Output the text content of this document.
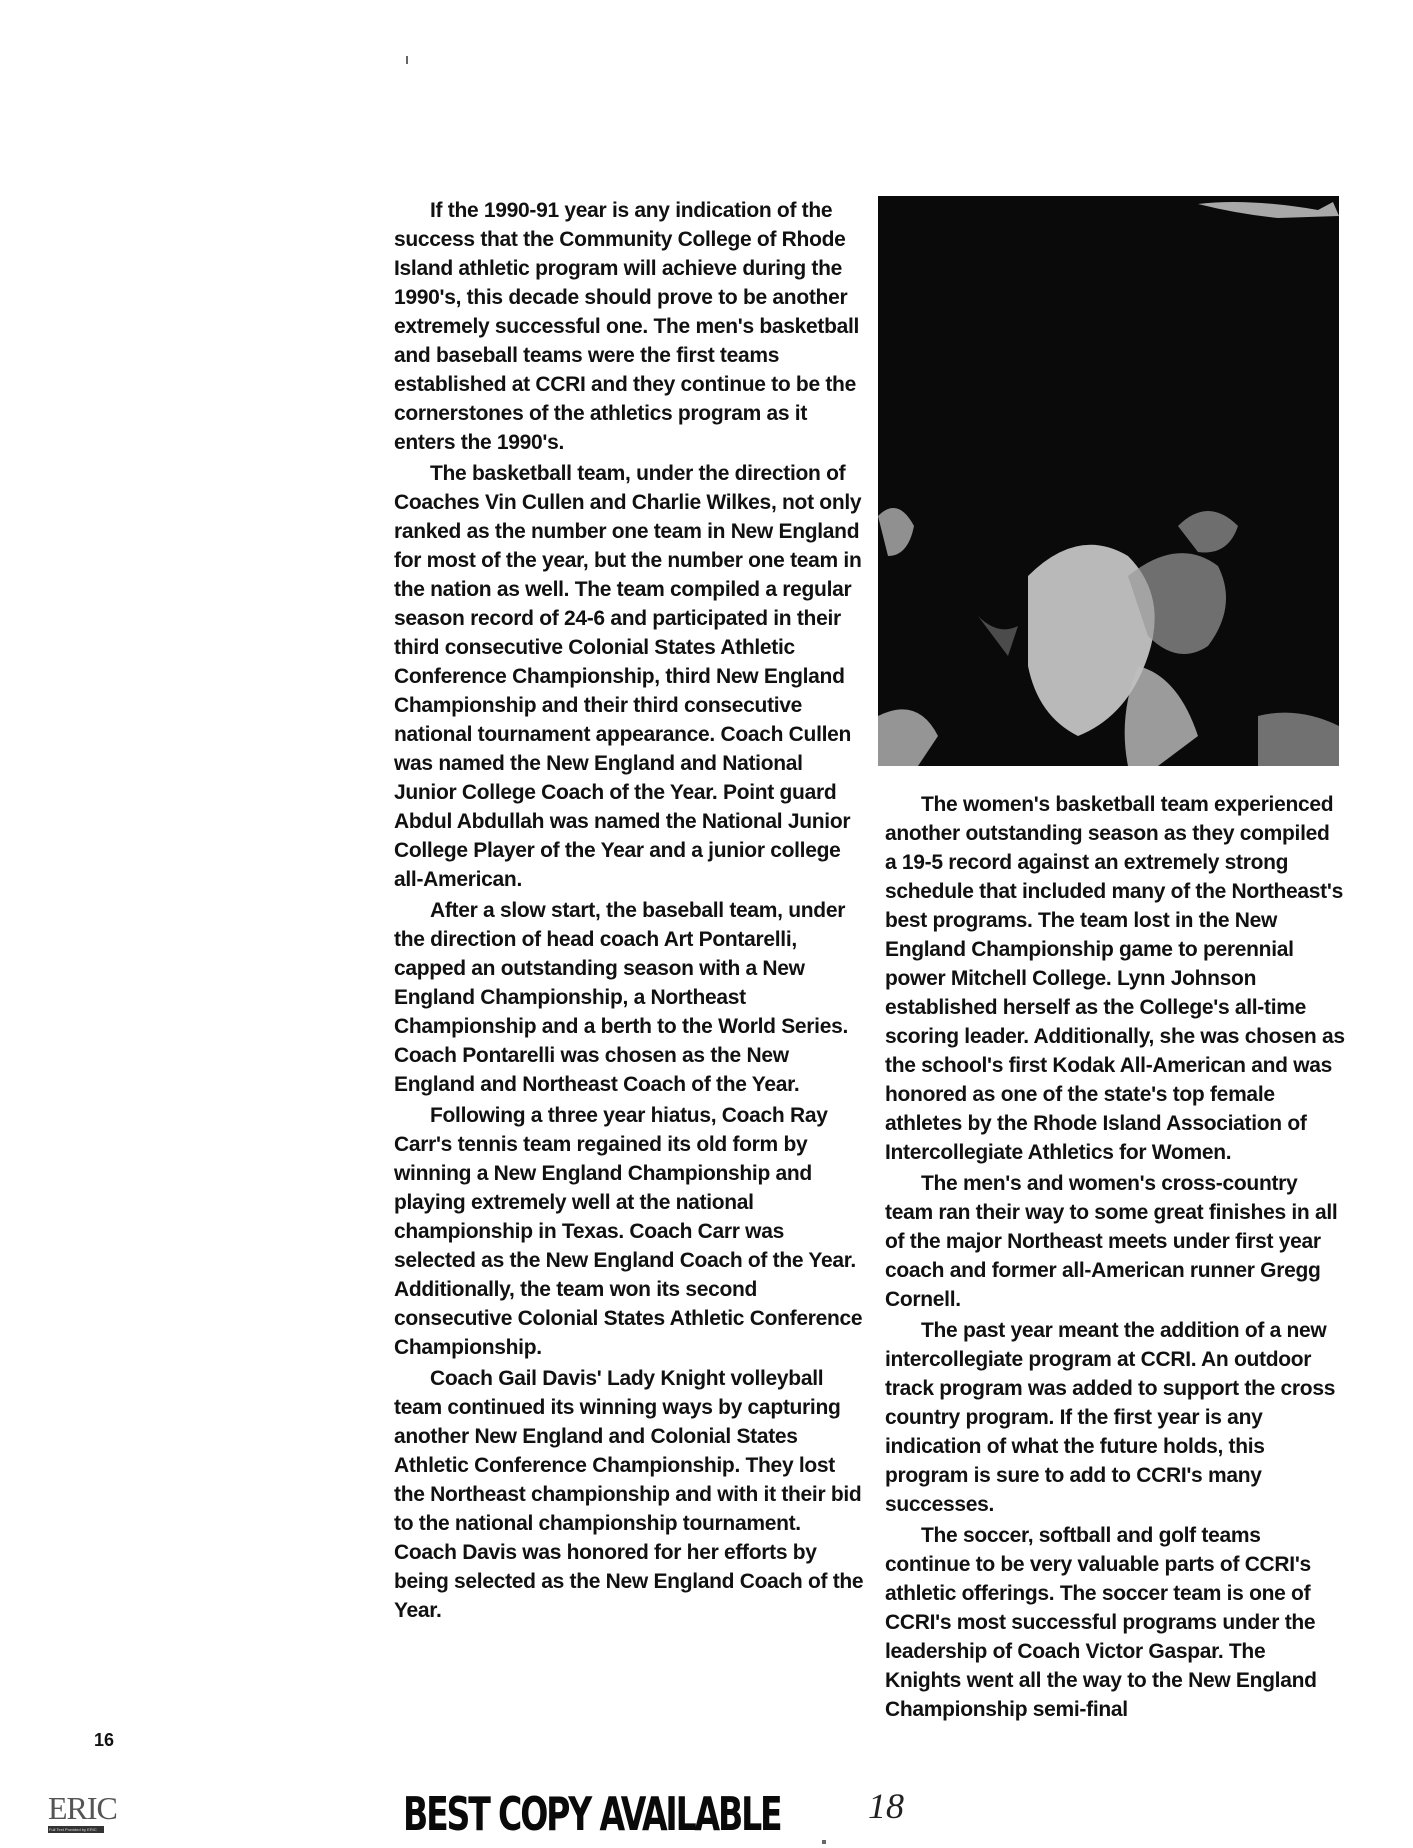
If the 1990-91 year is any indication of the success that the Community College of Rhode Island athletic program will achieve during the 1990's, this decade should prove to be another extremely successful one. The men's basketball and baseball teams were the first teams established at CCRI and they continue to be the cornerstones of the athletics program as it enters the 1990's.

The basketball team, under the direction of Coaches Vin Cullen and Charlie Wilkes, not only ranked as the number one team in New England for most of the year, but the number one team in the nation as well. The team compiled a regular season record of 24-6 and participated in their third consecutive Colonial States Athletic Conference Championship, third New England Championship and their third consecutive national tournament appearance. Coach Cullen was named the New England and National Junior College Coach of the Year. Point guard Abdul Abdullah was named the National Junior College Player of the Year and a junior college all-American.

After a slow start, the baseball team, under the direction of head coach Art Pontarelli, capped an outstanding season with a New England Championship, a Northeast Championship and a berth to the World Series. Coach Pontarelli was chosen as the New England and Northeast Coach of the Year.

Following a three year hiatus, Coach Ray Carr's tennis team regained its old form by winning a New England Championship and playing extremely well at the national championship in Texas. Coach Carr was selected as the New England Coach of the Year. Additionally, the team won its second consecutive Colonial States Athletic Conference Championship.

Coach Gail Davis' Lady Knight volleyball team continued its winning ways by capturing another New England and Colonial States Athletic Conference Championship. They lost the Northeast championship and with it their bid to the national championship tournament. Coach Davis was honored for her efforts by being selected as the New England Coach of the Year.

The women's basketball team experienced another outstanding season as they compiled a 19-5 record against an extremely strong schedule that included many of the Northeast's best programs. The team lost in the New England Championship game to perennial power Mitchell College. Lynn Johnson established herself as the College's all-time scoring leader. Additionally, she was chosen as the school's first Kodak All-American and was honored as one of the state's top female athletes by the Rhode Island Association of Intercollegiate Athletics for Women.

The men's and women's cross-country team ran their way to some great finishes in all of the major Northeast meets under first year coach and former all-American runner Gregg Cornell.

The past year meant the addition of a new intercollegiate program at CCRI. An outdoor track program was added to support the cross country program. If the first year is any indication of what the future holds, this program is sure to add to CCRI's many successes.

The soccer, softball and golf teams continue to be very valuable parts of CCRI's athletic offerings. The soccer team is one of CCRI's most successful programs under the leadership of Coach Victor Gaspar. The Knights went all the way to the New England Championship semi-final

16
ERIC
Full Text Provided by ERIC	BEST COPY AVAILABLE 18
